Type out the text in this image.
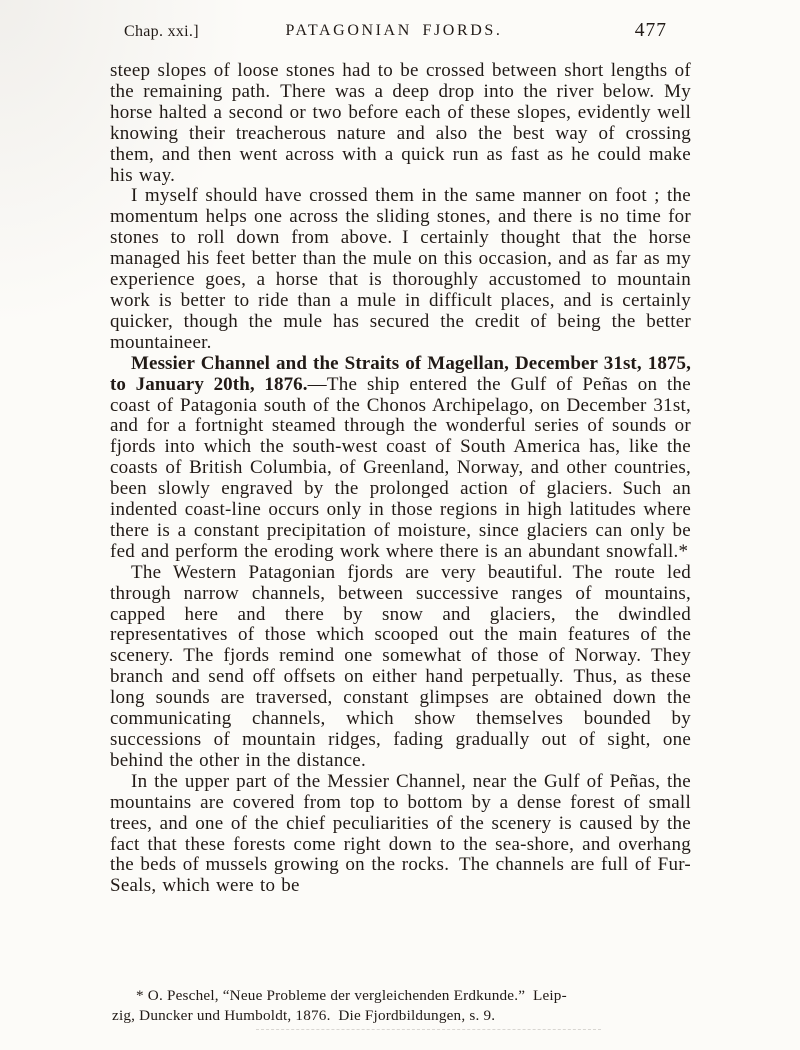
Chap. xxi.]	PATAGONIAN FJORDS.	477

steep slopes of loose stones had to be crossed between short lengths of the remaining path. There was a deep drop into the river below. My horse halted a second or two before each of these slopes, evidently well knowing their treacherous nature and also the best way of crossing them, and then went across with a quick run as fast as he could make his way.

I myself should have crossed them in the same manner on foot ; the momentum helps one across the sliding stones, and there is no time for stones to roll down from above. I certainly thought that the horse managed his feet better than the mule on this occasion, and as far as my experience goes, a horse that is thoroughly accustomed to mountain work is better to ride than a mule in difficult places, and is certainly quicker, though the mule has secured the credit of being the better mountaineer.

Messier Channel and the Straits of Magellan, December 31st, 1875, to January 20th, 1876.—The ship entered the Gulf of Peñas on the coast of Patagonia south of the Chonos Archipelago, on December 31st, and for a fortnight steamed through the wonderful series of sounds or fjords into which the south-west coast of South America has, like the coasts of British Columbia, of Greenland, Norway, and other countries, been slowly engraved by the prolonged action of glaciers. Such an indented coast-line occurs only in those regions in high latitudes where there is a constant precipitation of moisture, since glaciers can only be fed and perform the eroding work where there is an abundant snowfall.*

The Western Patagonian fjords are very beautiful. The route led through narrow channels, between successive ranges of mountains, capped here and there by snow and glaciers, the dwindled representatives of those which scooped out the main features of the scenery. The fjords remind one somewhat of those of Norway. They branch and send off offsets on either hand perpetually. Thus, as these long sounds are traversed, constant glimpses are obtained down the communicating channels, which show themselves bounded by successions of mountain ridges, fading gradually out of sight, one behind the other in the distance.

In the upper part of the Messier Channel, near the Gulf of Peñas, the mountains are covered from top to bottom by a dense forest of small trees, and one of the chief peculiarities of the scenery is caused by the fact that these forests come right down to the sea-shore, and overhang the beds of mussels growing on the rocks. The channels are full of Fur-Seals, which were to be

* O. Peschel, “Neue Probleme der vergleichenden Erdkunde.” Leip-
zig, Duncker und Humboldt, 1876. Die Fjordbildungen, s. 9.
